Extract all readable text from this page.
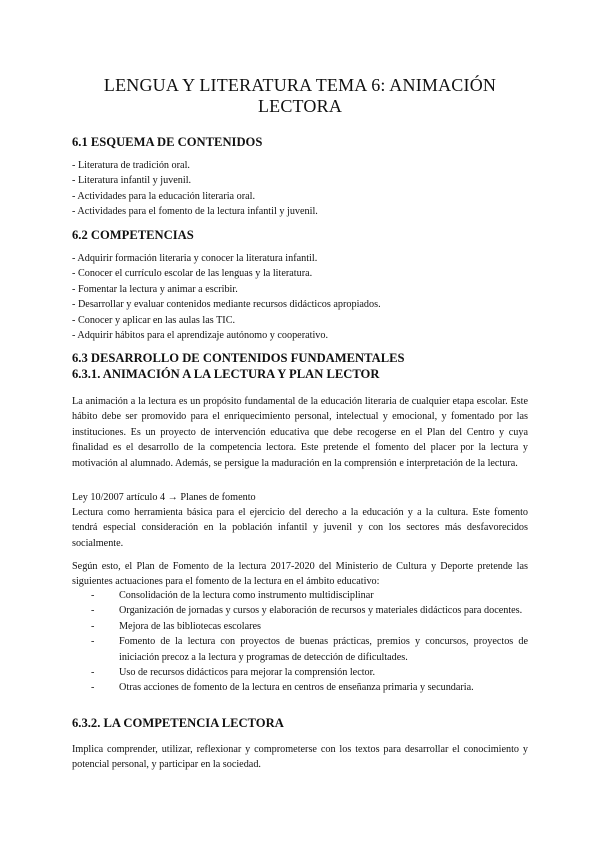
LENGUA Y LITERATURA TEMA 6: ANIMACIÓN LECTORA
6.1 ESQUEMA DE CONTENIDOS
- Literatura de tradición oral.
- Literatura infantil y juvenil.
- Actividades para la educación literaria oral.
- Actividades para el fomento de la lectura infantil y juvenil.
6.2 COMPETENCIAS
- Adquirir formación literaria y conocer la literatura infantil.
- Conocer el currículo escolar de las lenguas y la literatura.
- Fomentar la lectura y animar a escribir.
- Desarrollar y evaluar contenidos mediante recursos didácticos apropiados.
- Conocer y aplicar en las aulas las TIC.
- Adquirir hábitos para el aprendizaje autónomo y cooperativo.
6.3 DESARROLLO DE CONTENIDOS FUNDAMENTALES
6.3.1. ANIMACIÓN A LA LECTURA Y PLAN LECTOR

La animación a la lectura es un propósito fundamental de la educación literaria de cualquier etapa escolar. Este hábito debe ser promovido para el enriquecimiento personal, intelectual y emocional, y fomentado por las instituciones. Es un proyecto de intervención educativa que debe recogerse en el Plan del Centro y cuya finalidad es el desarrollo de la competencia lectora. Este pretende el fomento del placer por la lectura y motivación al alumnado. Además, se persigue la maduración en la comprensión e interpretación de la lectura.

Ley 10/2007 artículo 4 → Planes de fomento

Lectura como herramienta básica para el ejercicio del derecho a la educación y a la cultura. Este fomento tendrá especial consideración en la población infantil y juvenil y con los sectores más desfavorecidos socialmente.

Según esto, el Plan de Fomento de la lectura 2017-2020 del Ministerio de Cultura y Deporte pretende las siguientes actuaciones para el fomento de la lectura en el ámbito educativo:

- Consolidación de la lectura como instrumento multidisciplinar
- Organización de jornadas y cursos y elaboración de recursos y materiales didácticos para docentes.
- Mejora de las bibliotecas escolares
- Fomento de la lectura con proyectos de buenas prácticas, premios y concursos, proyectos de iniciación precoz a la lectura y programas de detección de dificultades.
- Uso de recursos didácticos para mejorar la comprensión lector.
- Otras acciones de fomento de la lectura en centros de enseñanza primaria y secundaria.
6.3.2. LA COMPETENCIA LECTORA

Implica comprender, utilizar, reflexionar y comprometerse con los textos para desarrollar el conocimiento y potencial personal, y participar en la sociedad.
